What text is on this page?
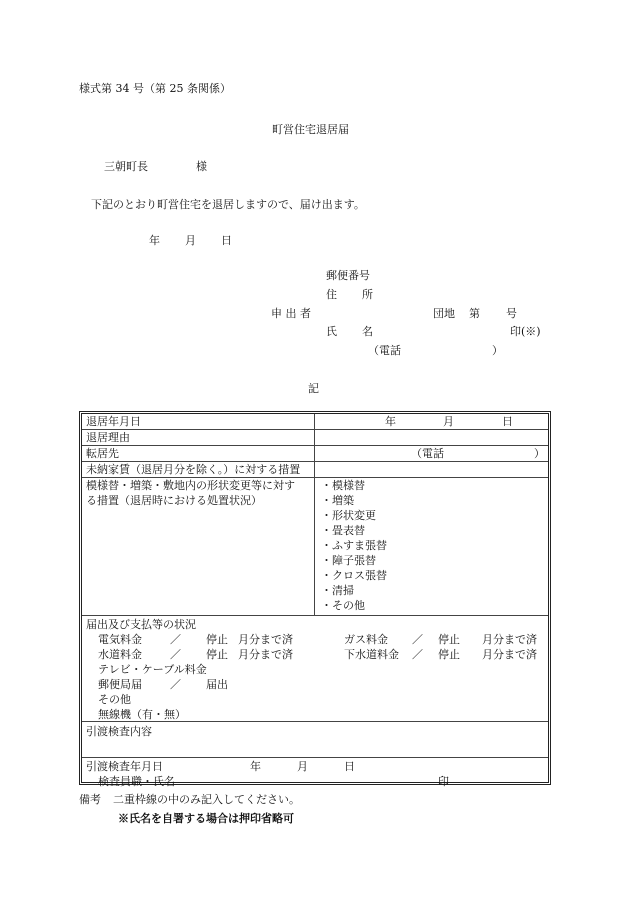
様式第 34 号（第 25 条関係）
町営住宅退居届
三朝町長	様
下記のとおり町営住宅を退居しますので、届け出ます。
年 月 日
郵便番号
住 所
申 出 者	団地 第 号
氏 名	印(※)
（電話	）
記
退居年月日	年	月	日
退居理由
転居先	（電話	）
未納家賃（退居月分を除く。）に対する措置
模様替・増築・敷地内の形状変更等に対す
る措置（退居時における処置状況）
・模様替
・増築
・形状変更
・畳表替
・ふすま張替
・障子張替
・クロス張替
・清掃
・その他
届出及び支払等の状況
電気料金	／ 停止 月分まで済	ガス料金 ／ 停止 月分まで済
水道料金	／ 停止 月分まで済	下水道料金 ／ 停止 月分まで済
テレビ・ケーブル料金
郵便局届	／ 届出
その他
無線機（有・無）
引渡検査内容
引渡検査年月日	年	月	日
検査員職・氏名	印
備考 二重枠線の中のみ記入してください。
※氏名を自署する場合は押印省略可
